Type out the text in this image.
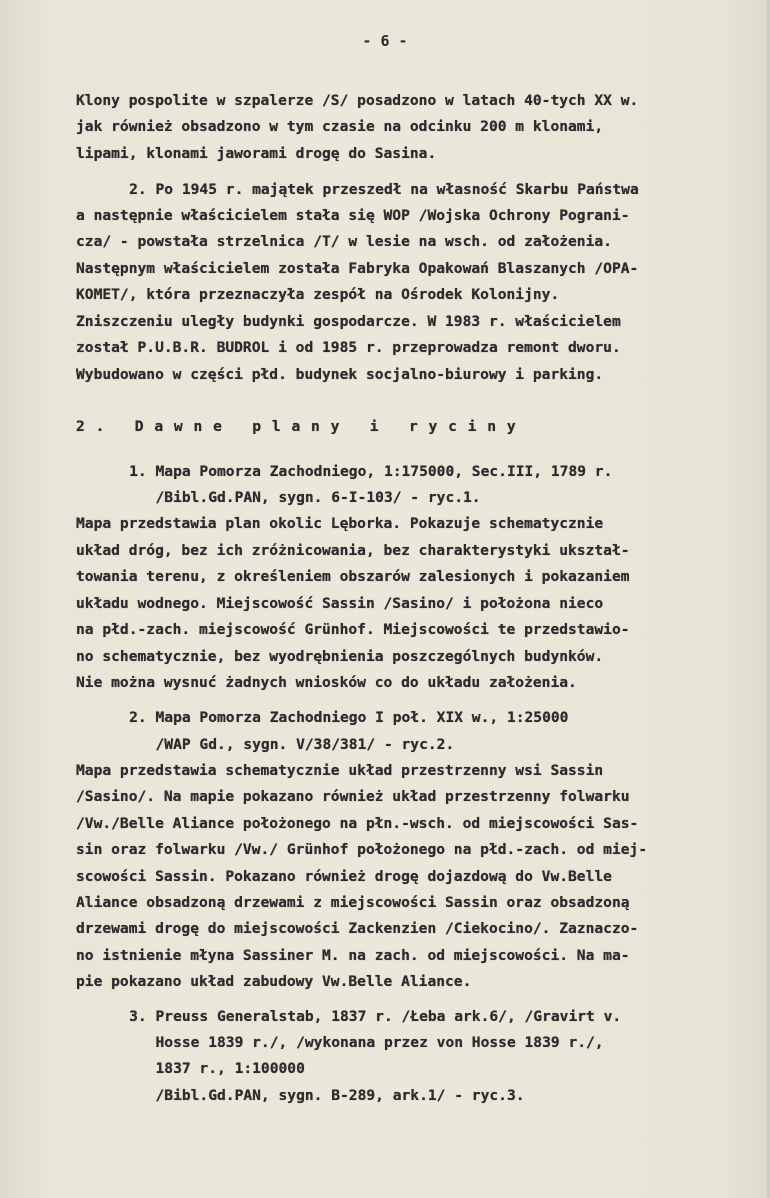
- 6 -
Klony pospolite w szpalerze /S/ posadzono w latach 40-tych XX w.
jak również obsadzono w tym czasie na odcinku 200 m klonami,
lipami, klonami jaworami drogę do Sasina.
2. Po 1945 r. majątek przeszedł na własność Skarbu Państwa
a następnie właścicielem stała się WOP /Wojska Ochrony Pograni-
cza/ - powstała strzelnica /T/ w lesie na wsch. od założenia.
Następnym właścicielem została Fabryka Opakowań Blaszanych /OPA-
KOMET/, która przeznaczyła zespół na Ośrodek Kolonijny.
Zniszczeniu uległy budynki gospodarcze. W 1983 r. właścicielem
został P.U.B.R. BUDROL i od 1985 r. przeprowadza remont dworu.
Wybudowano w części płd. budynek socjalno-biurowy i parking.
2. Dawne plany i ryciny
1. Mapa Pomorza Zachodniego, 1:175000, Sec.III, 1789 r.
/Bibl.Gd.PAN, sygn. 6-I-103/ - ryc.1.
Mapa przedstawia plan okolic Lęborka. Pokazuje schematycznie
układ dróg, bez ich zróżnicowania, bez charakterystyki ukształ-
towania terenu, z określeniem obszarów zalesionych i pokazaniem
układu wodnego. Miejscowość Sassin /Sasino/ i położona nieco
na płd.-zach. miejscowość Grünhof. Miejscowości te przedstawio-
no schematycznie, bez wyodrębnienia poszczególnych budynków.
Nie można wysnuć żadnych wniosków co do układu założenia.
2. Mapa Pomorza Zachodniego I poł. XIX w., 1:25000
/WAP Gd., sygn. V/38/381/ - ryc.2.
Mapa przedstawia schematycznie układ przestrzenny wsi Sassin
/Sasino/. Na mapie pokazano również układ przestrzenny folwarku
/Vw./Belle Aliance położonego na płn.-wsch. od miejscowości Sas-
sin oraz folwarku /Vw./ Grünhof położonego na płd.-zach. od miej-
scowości Sassin. Pokazano również drogę dojazdową do Vw.Belle
Aliance obsadzoną drzewami z miejscowości Sassin oraz obsadzoną
drzewami drogę do miejscowości Zackenzien /Ciekocino/. Zaznaczo-
no istnienie młyna Sassiner M. na zach. od miejscowości. Na ma-
pie pokazano układ zabudowy Vw.Belle Aliance.
3. Preuss Generalstab, 1837 r. /Łeba ark.6/, /Gravirt v.
Hosse 1839 r./, /wykonana przez von Hosse 1839 r./,
1837 r., 1:100000
/Bibl.Gd.PAN, sygn. B-289, ark.1/ - ryc.3.
